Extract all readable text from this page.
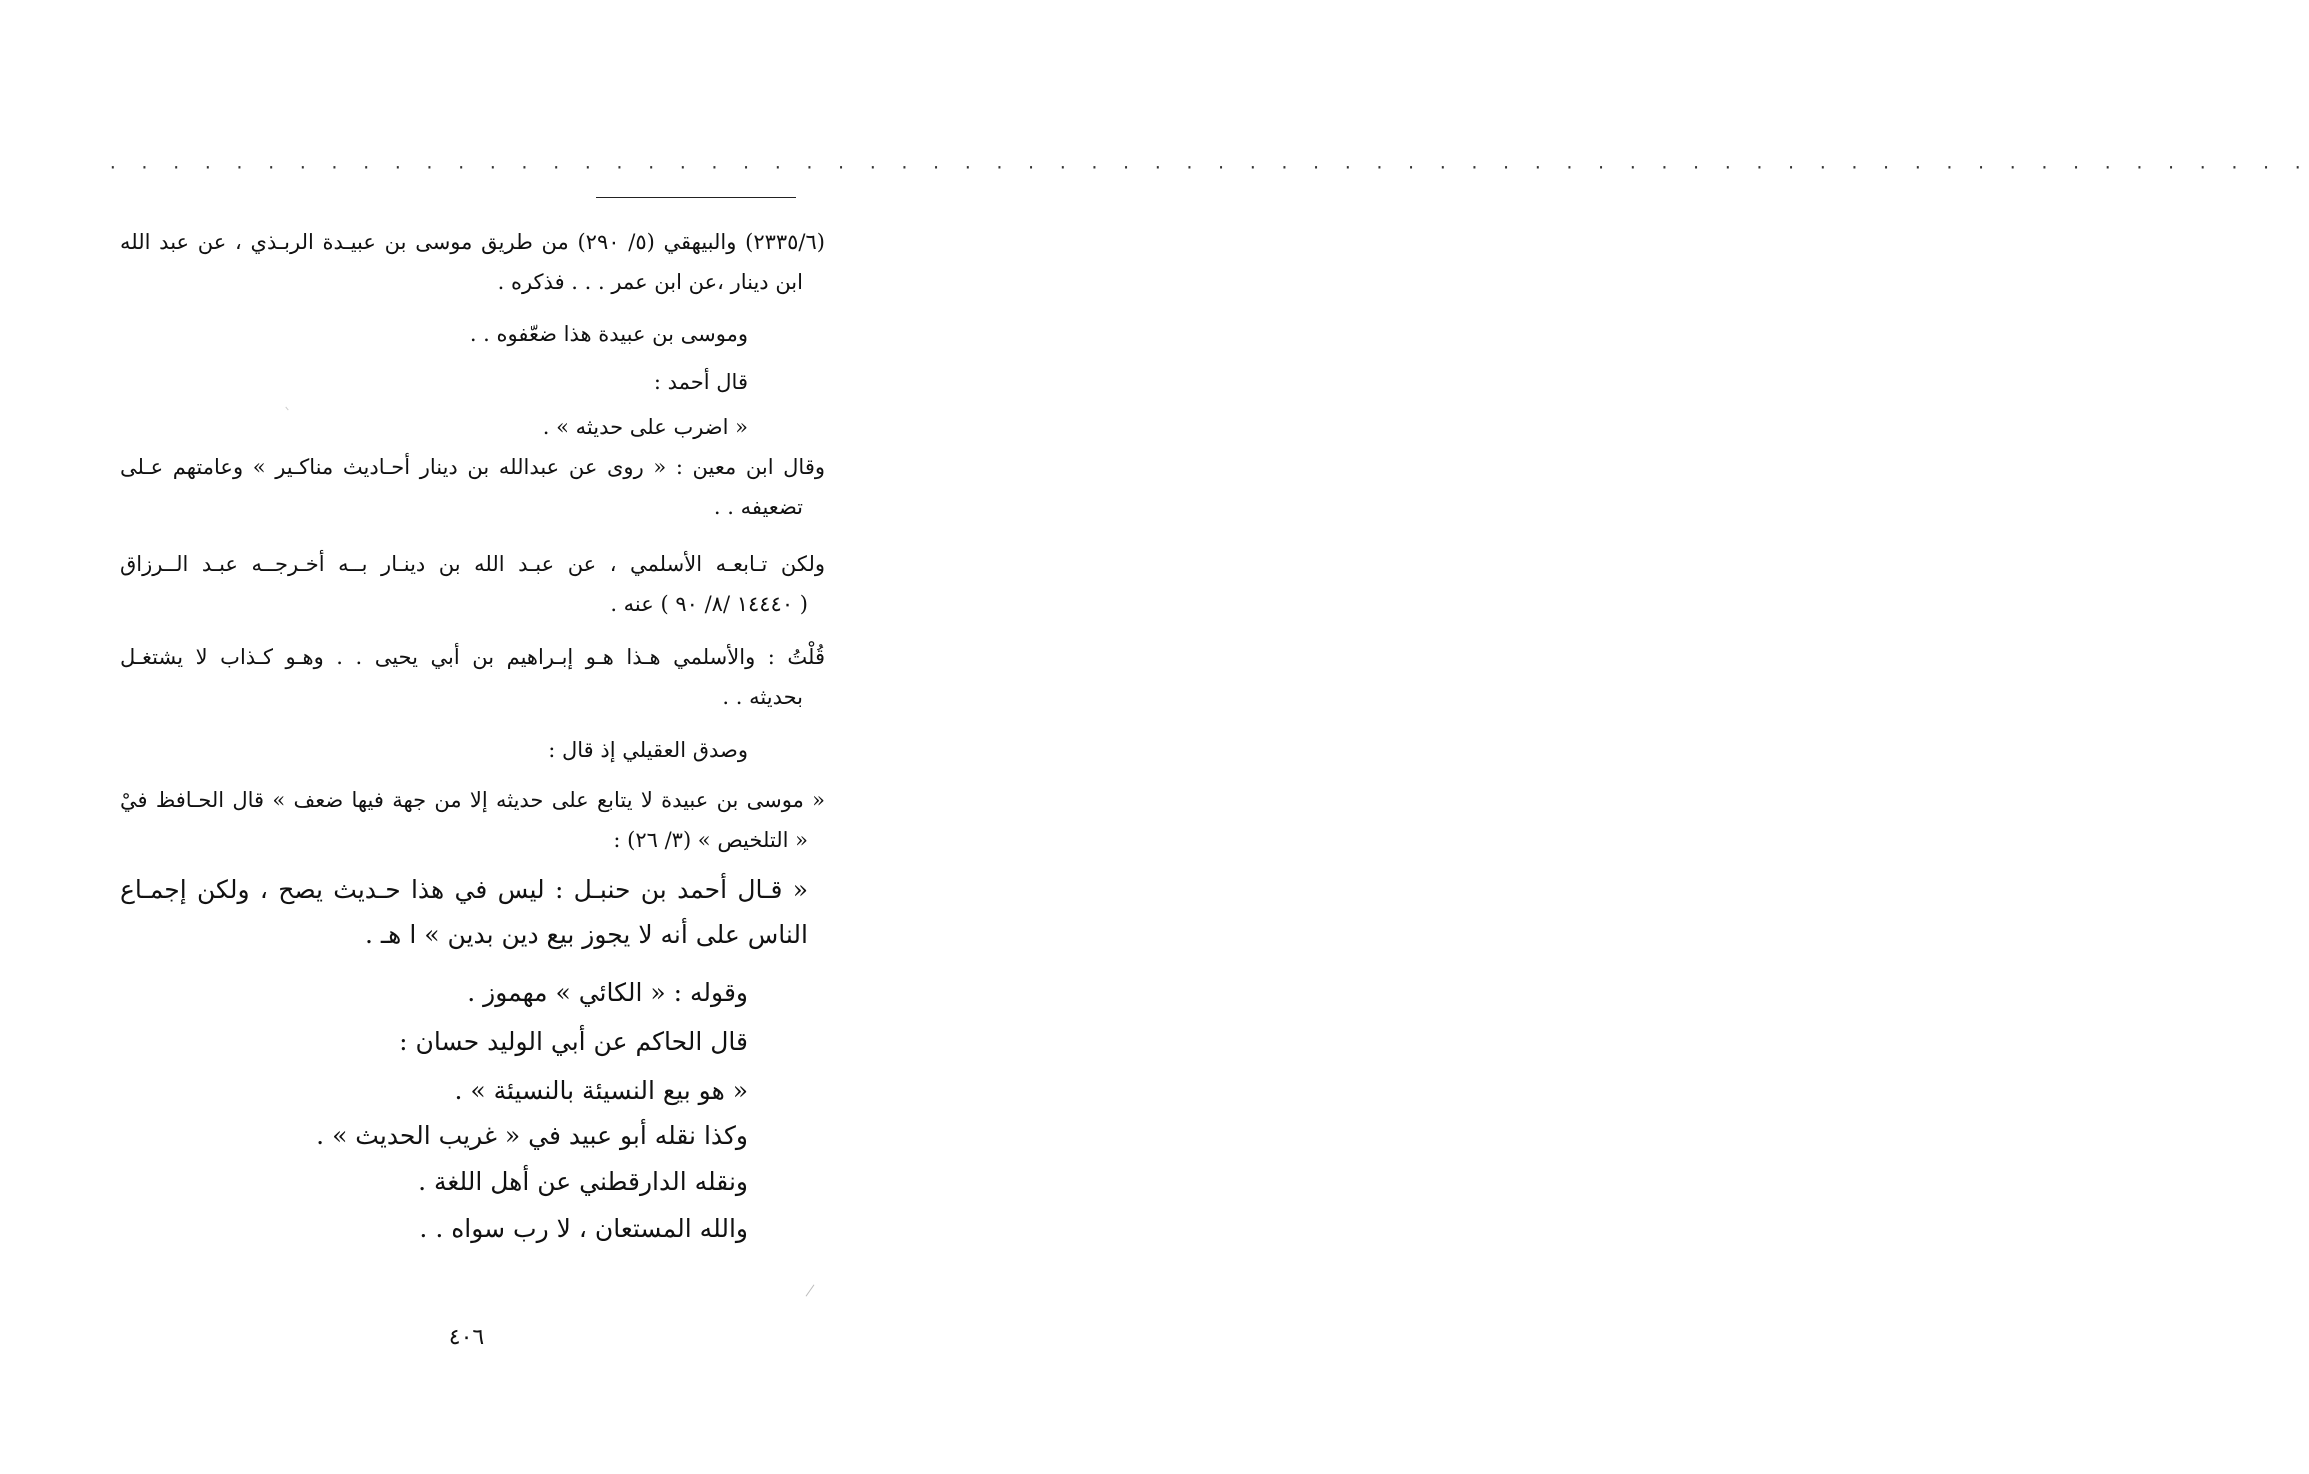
· · · · · · · · · · · · · · · · · · · · · · · · · · · · · · · · · · · · · · · · · · · · · · · · · · · · · · · · · · · · · · · · · · · · · ·
(٢٣٣٥/٦) والبيهقي (٥/ ٢٩٠) من طريق موسى بن عبيـدة الربـذي ، عن عبد الله
ابن دينار ،عن ابن عمر . . . فذكره .
وموسى بن عبيدة هذا ضعّفوه . .
قال أحمد :
« اضرب على حديثه » .
وقال ابن معين : « روى عن عبدالله بن دينار أحـاديث مناكـير » وعامتهم عـلى
تضعيفه . .
ولكن تـابعـه الأسلمي ، عن عبـد الله بن دينـار بــه أخـرجــه عبـد الــرزاق
( ١٤٤٤٠ /٨/ ٩٠ ) عنه .
قُلْتُ : والأسلمي هـذا هـو إبـراهيم بن أبي يحيى . . وهـو كـذاب لا يشتغـل
بحديثه . .
وصدق العقيلي إذ قال :
« موسى بن عبيدة لا يتابع على حديثه إلا من جهة فيها ضعف » قال الحـافظ فيْ
« التلخيص » (٣/ ٢٦) :
« قـال أحمد بن حنبـل : ليس في هذا حـديث يصح ، ولكن إجمـاع
الناس على أنه لا يجوز بيع دين بدين » ا هـ .
وقوله : « الكائي » مهموز .
قال الحاكم عن أبي الوليد حسان :
« هو بيع النسيئة بالنسيئة » .
وكذا نقله أبو عبيد في « غريب الحديث » .
ونقله الدارقطني عن أهل اللغة .
والله المستعان ، لا رب سواه . .
٤٠٦
